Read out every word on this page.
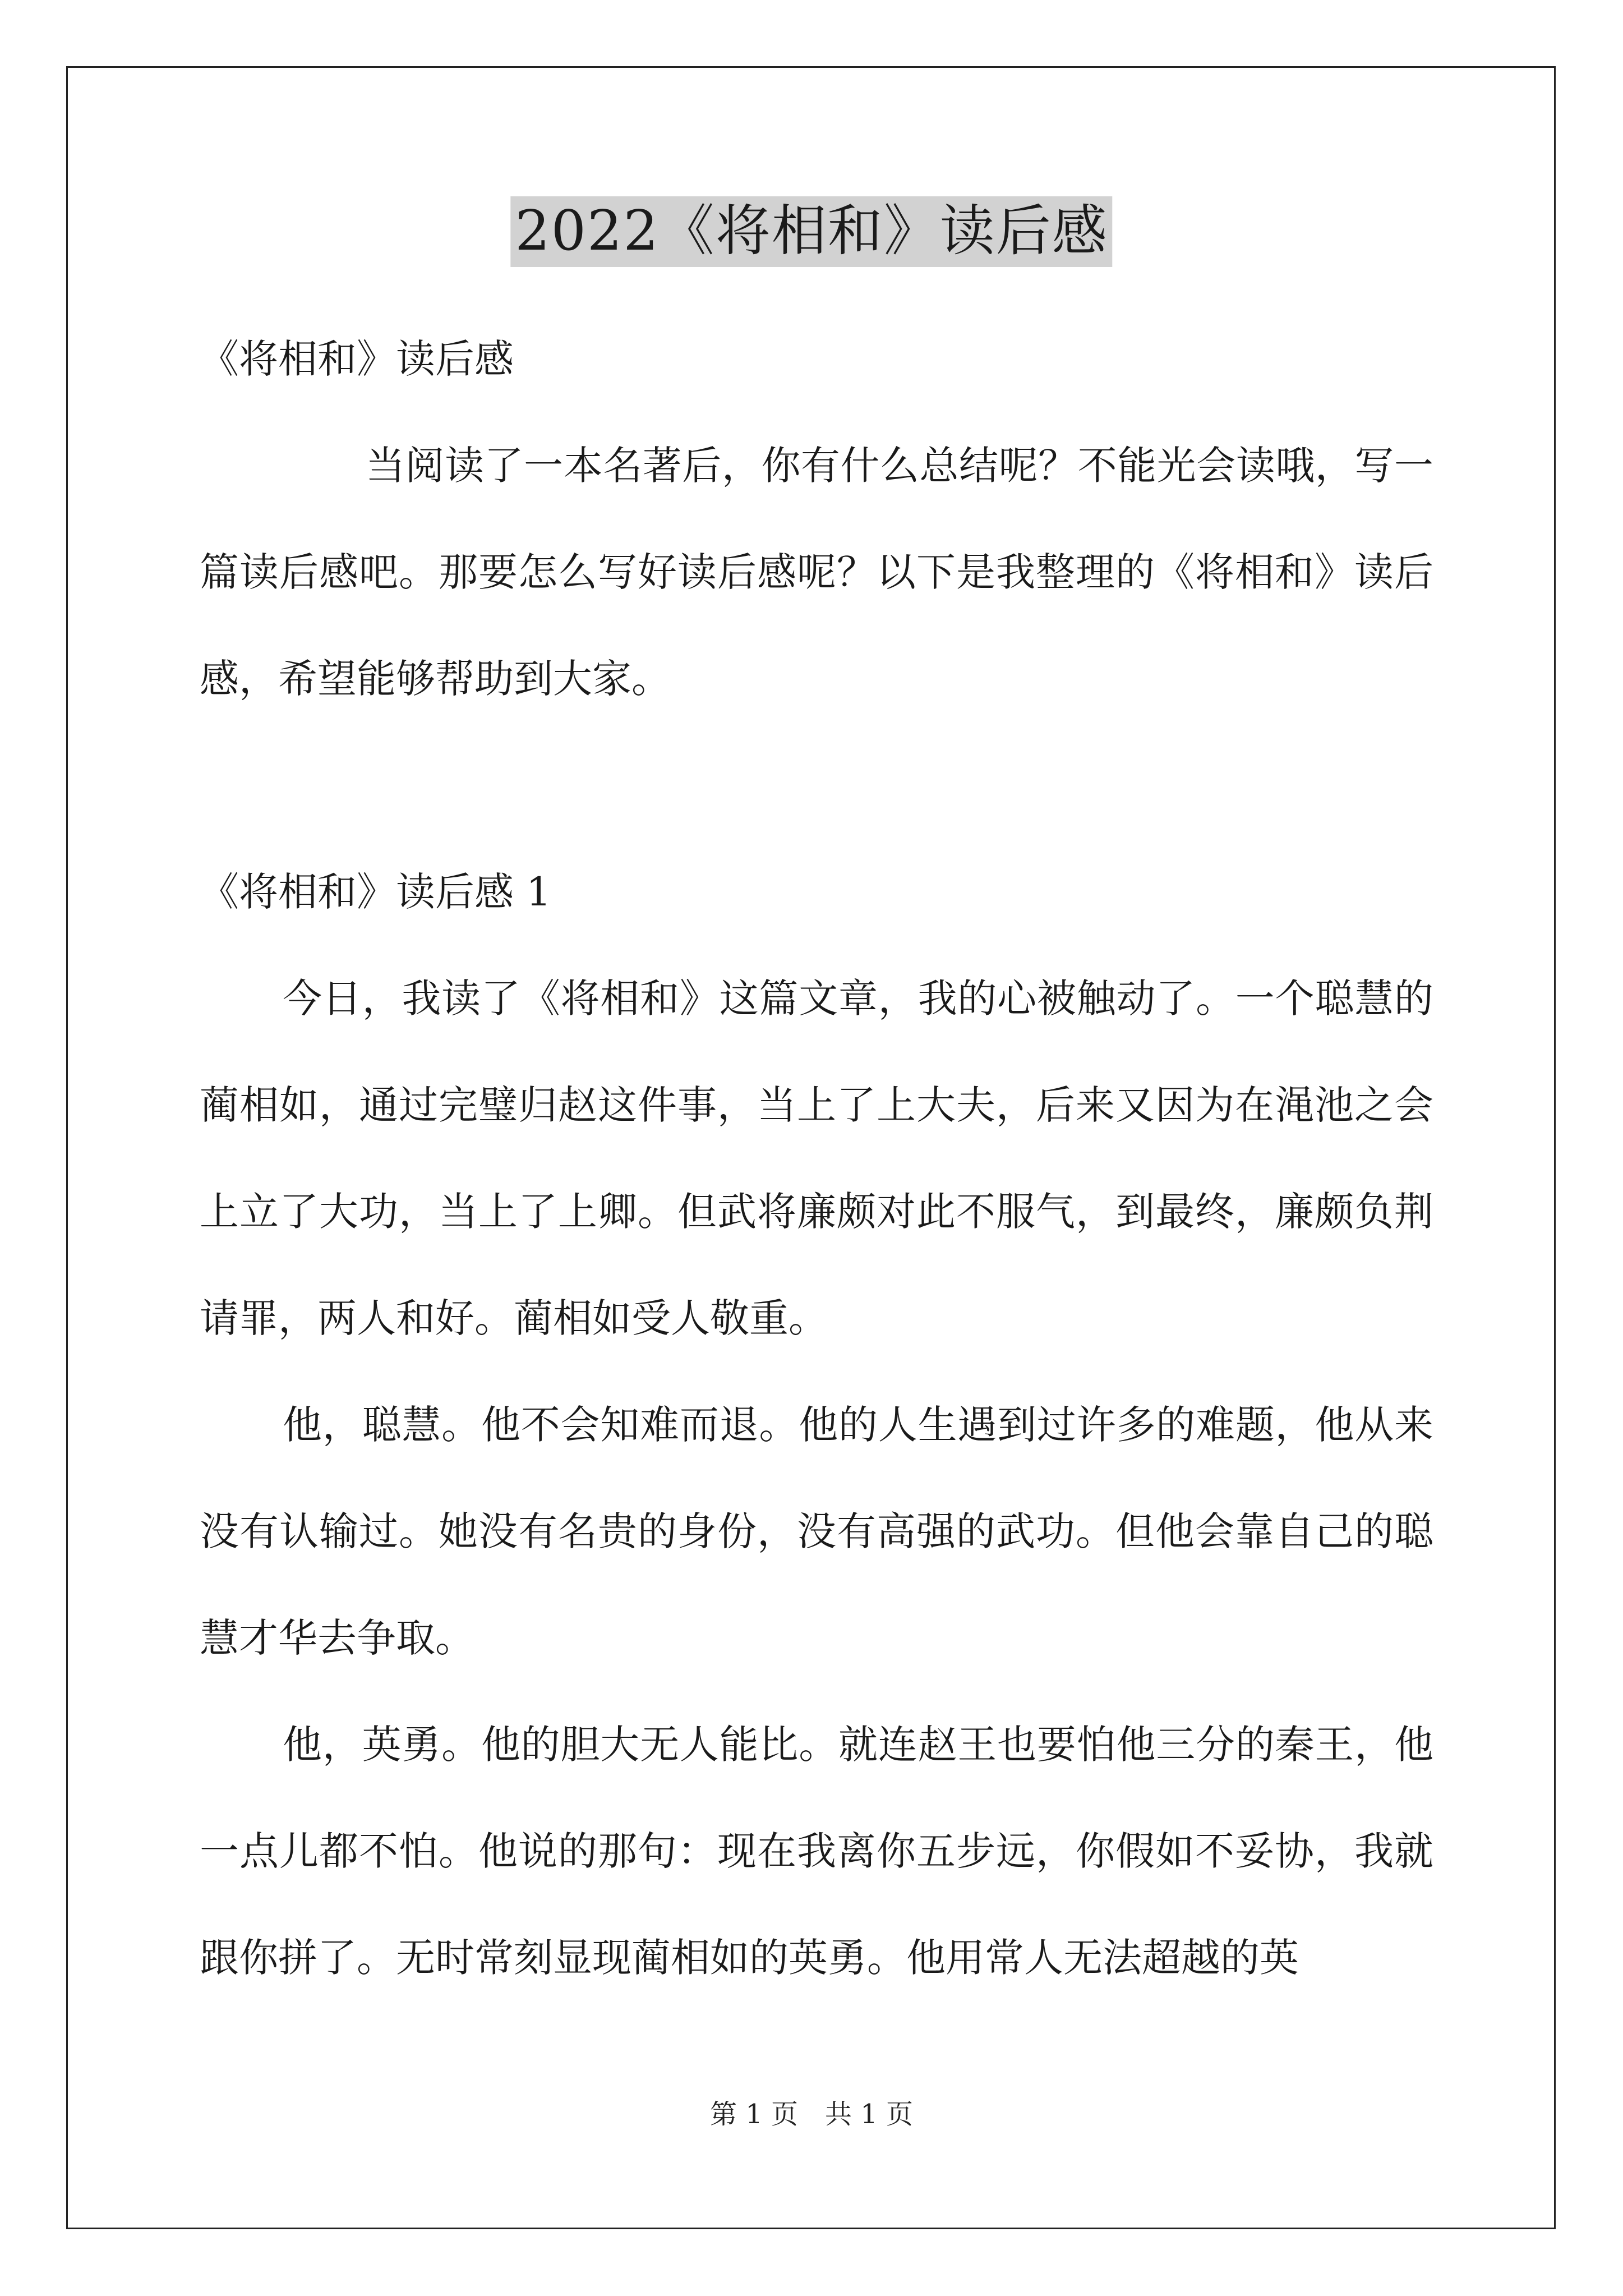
2022《将相和》读后感

《将相和》读后感

当阅读了一本名著后，你有什么总结呢？不能光会读哦，写一篇读后感吧。那要怎么写好读后感呢？以下是我整理的《将相和》读后感，希望能够帮助到大家。

《将相和》读后感 1

今日，我读了《将相和》这篇文章，我的心被触动了。一个聪慧的蔺相如，通过完璧归赵这件事，当上了上大夫，后来又因为在渑池之会上立了大功，当上了上卿。但武将廉颇对此不服气，到最终，廉颇负荆请罪，两人和好。蔺相如受人敬重。

他，聪慧。他不会知难而退。他的人生遇到过许多的难题，他从来没有认输过。她没有名贵的身份，没有高强的武功。但他会靠自己的聪慧才华去争取。

他，英勇。他的胆大无人能比。就连赵王也要怕他三分的秦王，他一点儿都不怕。他说的那句：现在我离你五步远，你假如不妥协，我就跟你拼了。无时常刻显现蔺相如的英勇。他用常人无法超越的英

第 1 页 共 1 页
